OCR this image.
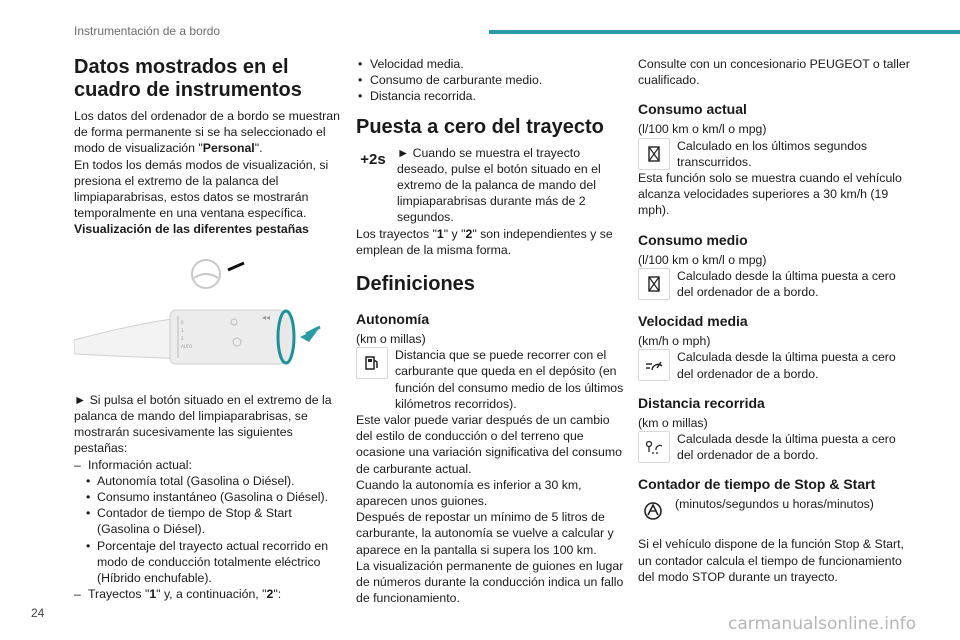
Instrumentación de a bordo
Datos mostrados en el cuadro de instrumentos

Los datos del ordenador de a bordo se muestran de forma permanente si se ha seleccionado el modo de visualización "Personal".

En todos los demás modos de visualización, si presiona el extremo de la palanca del limpiaparabrisas, estos datos se mostrarán temporalmente en una ventana específica.

Visualización de las diferentes pestañas

0
1
2
AUTO
◂◂

► Si pulsa el botón situado en el extremo de la palanca de mando del limpiaparabrisas, se mostrarán sucesivamente las siguientes pestañas:

– Información actual:
• Autonomía total (Gasolina o Diésel).
• Consumo instantáneo (Gasolina o Diésel).
• Contador de tiempo de Stop & Start (Gasolina o Diésel).
• Porcentaje del trayecto actual recorrido en modo de conducción totalmente eléctrico (Híbrido enchufable).
– Trayectos "1" y, a continuación, "2":
• Velocidad media.
• Consumo de carburante medio.
• Distancia recorrida.
Puesta a cero del trayecto
+2s ► Cuando se muestra el trayecto deseado, pulse el botón situado en el extremo de la palanca de mando del limpiaparabrisas durante más de 2 segundos.

Los trayectos "1" y "2" son independientes y se emplean de la misma forma.

Definiciones
Autonomía

(km o millas)

Distancia que se puede recorrer con el carburante que queda en el depósito (en función del consumo medio de los últimos kilómetros recorridos).

Este valor puede variar después de un cambio del estilo de conducción o del terreno que ocasione una variación significativa del consumo de carburante actual.

Cuando la autonomía es inferior a 30 km, aparecen unos guiones.

Después de repostar un mínimo de 5 litros de carburante, la autonomía se vuelve a calcular y aparece en la pantalla si supera los 100 km.

La visualización permanente de guiones en lugar de números durante la conducción indica un fallo de funcionamiento.

Consulte con un concesionario PEUGEOT o taller cualificado.

Consumo actual

(l/100 km o km/l o mpg)

Calculado en los últimos segundos transcurridos.

Esta función solo se muestra cuando el vehículo alcanza velocidades superiores a 30 km/h (19 mph).

Consumo medio

(l/100 km o km/l o mpg)

Calculado desde la última puesta a cero del ordenador de a bordo.

Velocidad media

(km/h o mph)

Calculada desde la última puesta a cero del ordenador de a bordo.

Distancia recorrida

(km o millas)

Calculada desde la última puesta a cero del ordenador de a bordo.

Contador de tiempo de Stop & Start

(minutos/segundos u horas/minutos)

Si el vehículo dispone de la función Stop & Start, un contador calcula el tiempo de funcionamiento del modo STOP durante un trayecto.

24
carmanualsonline.info
